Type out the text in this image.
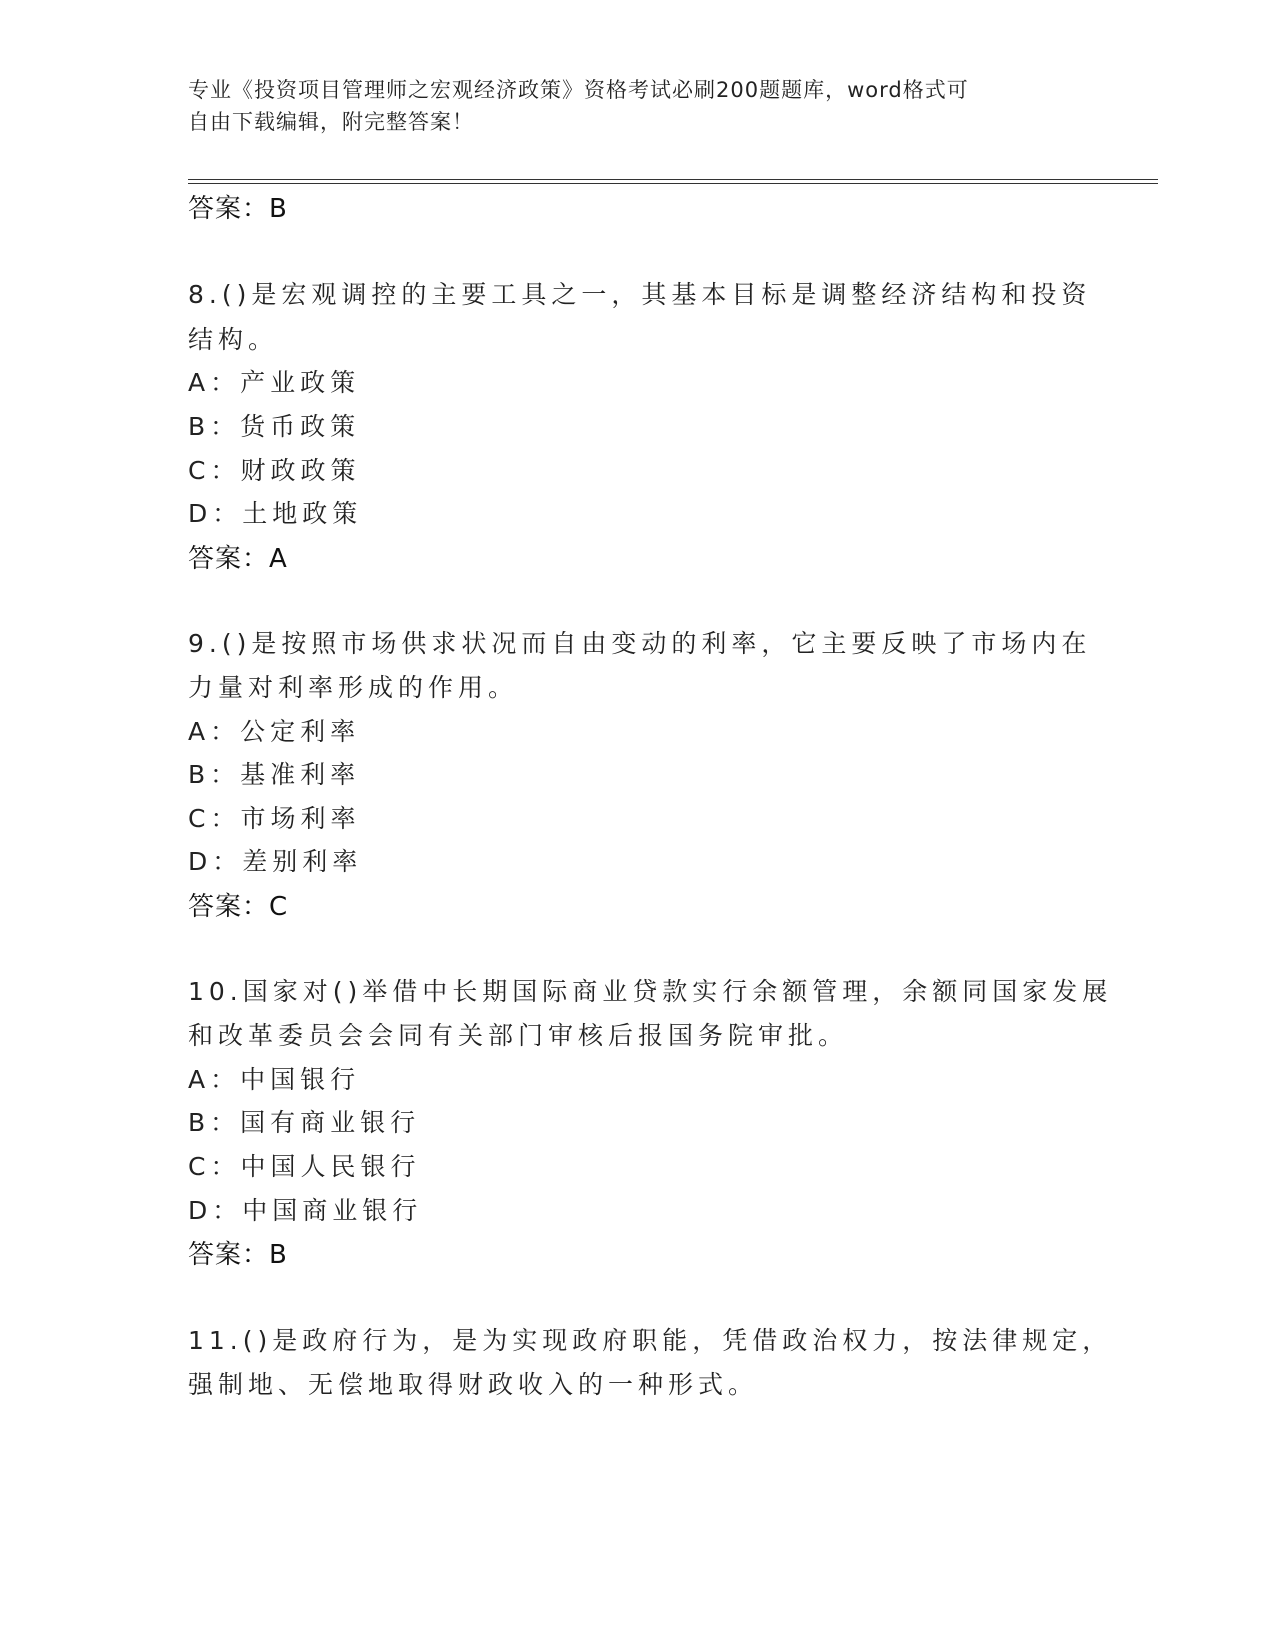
专业《投资项目管理师之宏观经济政策》资格考试必刷200题题库，word格式可
自由下载编辑，附完整答案！
答案：B
8.()是宏观调控的主要工具之一，其基本目标是调整经济结构和投资
结构。
A：产业政策
B：货币政策
C：财政政策
D：土地政策
答案：A
9.()是按照市场供求状况而自由变动的利率，它主要反映了市场内在
力量对利率形成的作用。
A：公定利率
B：基准利率
C：市场利率
D：差别利率
答案：C
10.国家对()举借中长期国际商业贷款实行余额管理，余额同国家发展
和改革委员会会同有关部门审核后报国务院审批。
A：中国银行
B：国有商业银行
C：中国人民银行
D：中国商业银行
答案：B
11.()是政府行为，是为实现政府职能，凭借政治权力，按法律规定，
强制地、无偿地取得财政收入的一种形式。
